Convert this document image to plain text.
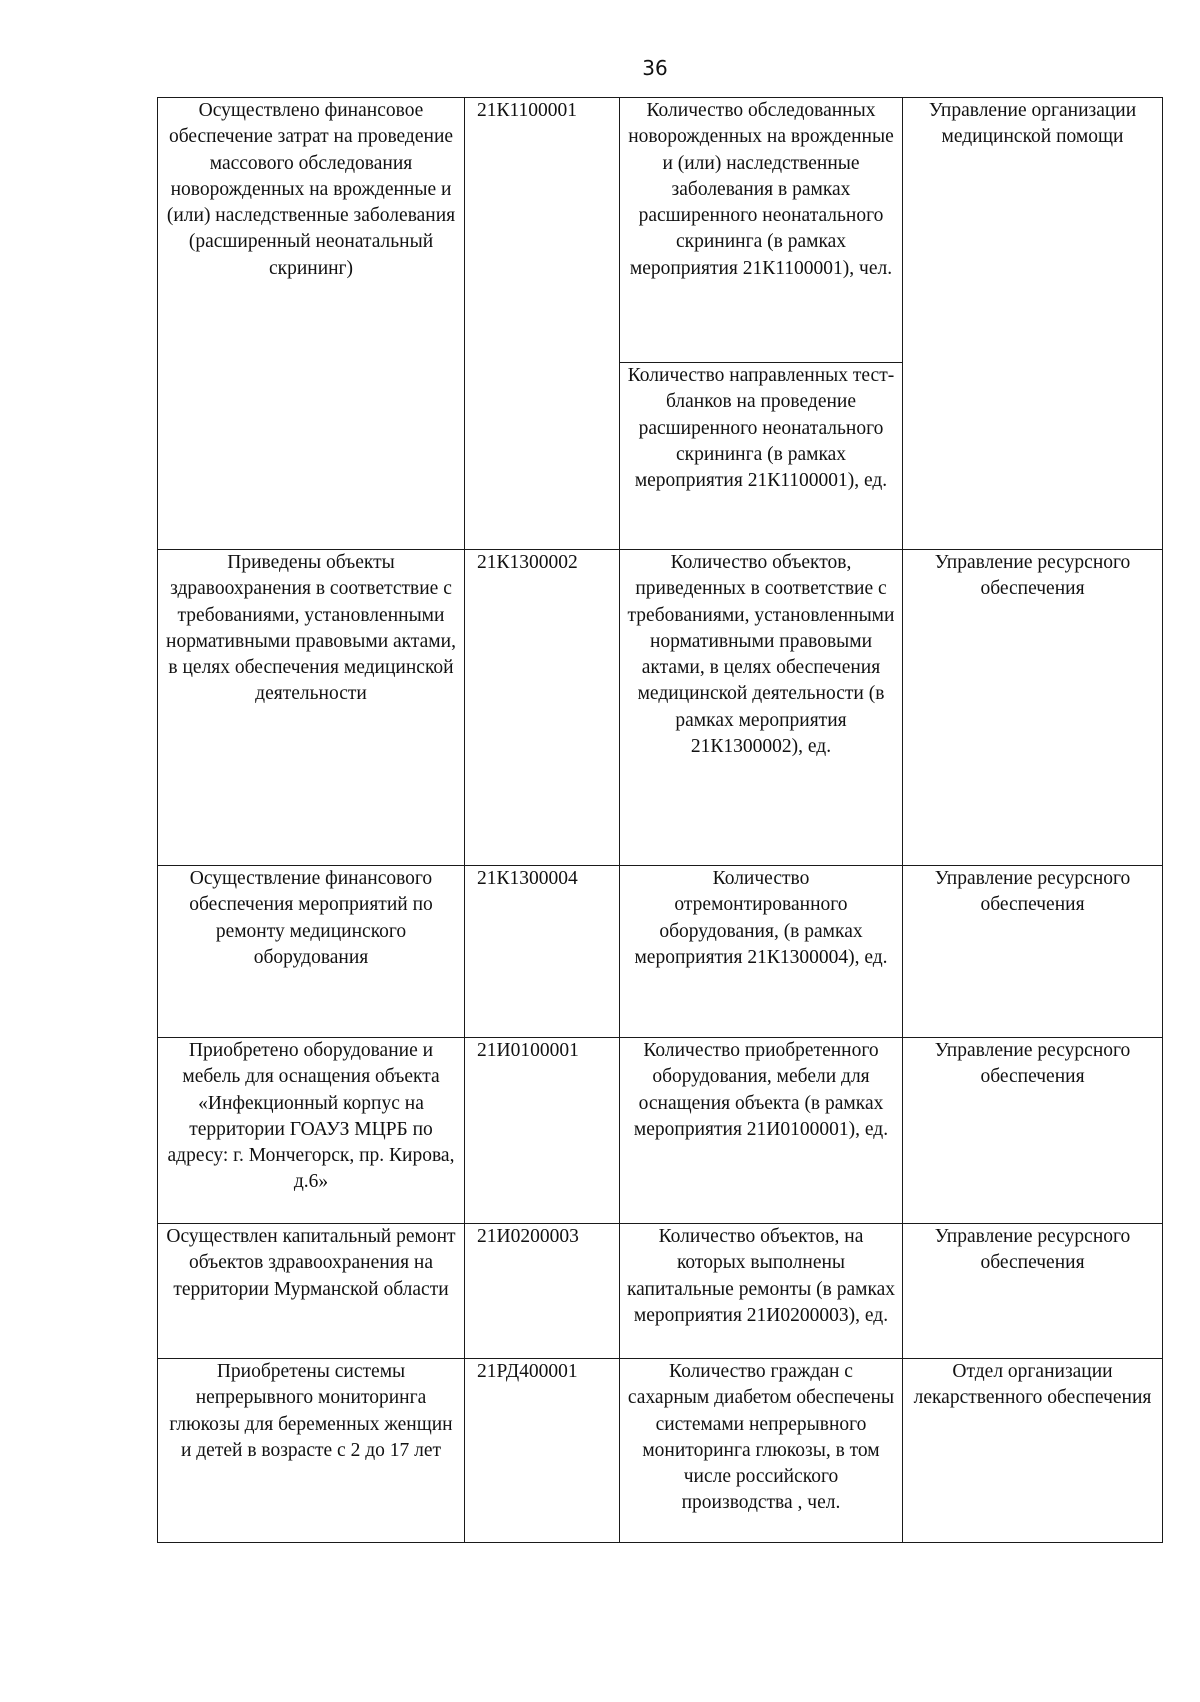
36
Осуществлено финансовое обеспечение затрат на проведение массового обследования новорожденных на врожденные и (или) наследственные заболевания (расширенный неонатальный скрининг)	21К1100001	Количество обследованных новорожденных на врожденные и (или) наследственные заболевания в рамках расширенного неонатального скрининга (в рамках мероприятия 21К1100001), чел.	Управление организации медицинской помощи
		Количество направленных тест-бланков на проведение расширенного неонатального скрининга (в рамках мероприятия 21К1100001), ед.	
Приведены объекты здравоохранения в соответствие с требованиями, установленными нормативными правовыми актами, в целях обеспечения медицинской деятельности	21К1300002	Количество объектов, приведенных в соответствие с требованиями, установленными нормативными правовыми актами, в целях обеспечения медицинской деятельности (в рамках мероприятия 21К1300002), ед.	Управление ресурсного обеспечения
Осуществление финансового обеспечения мероприятий по ремонту медицинского оборудования	21К1300004	Количество отремонтированного оборудования, (в рамках мероприятия 21К1300004), ед.	Управление ресурсного обеспечения
Приобретено оборудование и мебель для оснащения объекта «Инфекционный корпус на территории ГОАУЗ МЦРБ по адресу: г. Мончегорск, пр. Кирова, д.6»	21И0100001	Количество приобретенного оборудования, мебели для оснащения объекта (в рамках мероприятия 21И0100001), ед.	Управление ресурсного обеспечения
Осуществлен капитальный ремонт объектов здравоохранения на территории Мурманской области	21И0200003	Количество объектов, на которых выполнены капитальные ремонты (в рамках мероприятия 21И0200003), ед.	Управление ресурсного обеспечения
Приобретены системы непрерывного мониторинга глюкозы для беременных женщин и детей в возрасте с 2 до 17 лет	21РД400001	Количество граждан с сахарным диабетом обеспечены системами непрерывного мониторинга глюкозы, в том числе российского производства , чел.	Отдел организации лекарственного обеспечения
